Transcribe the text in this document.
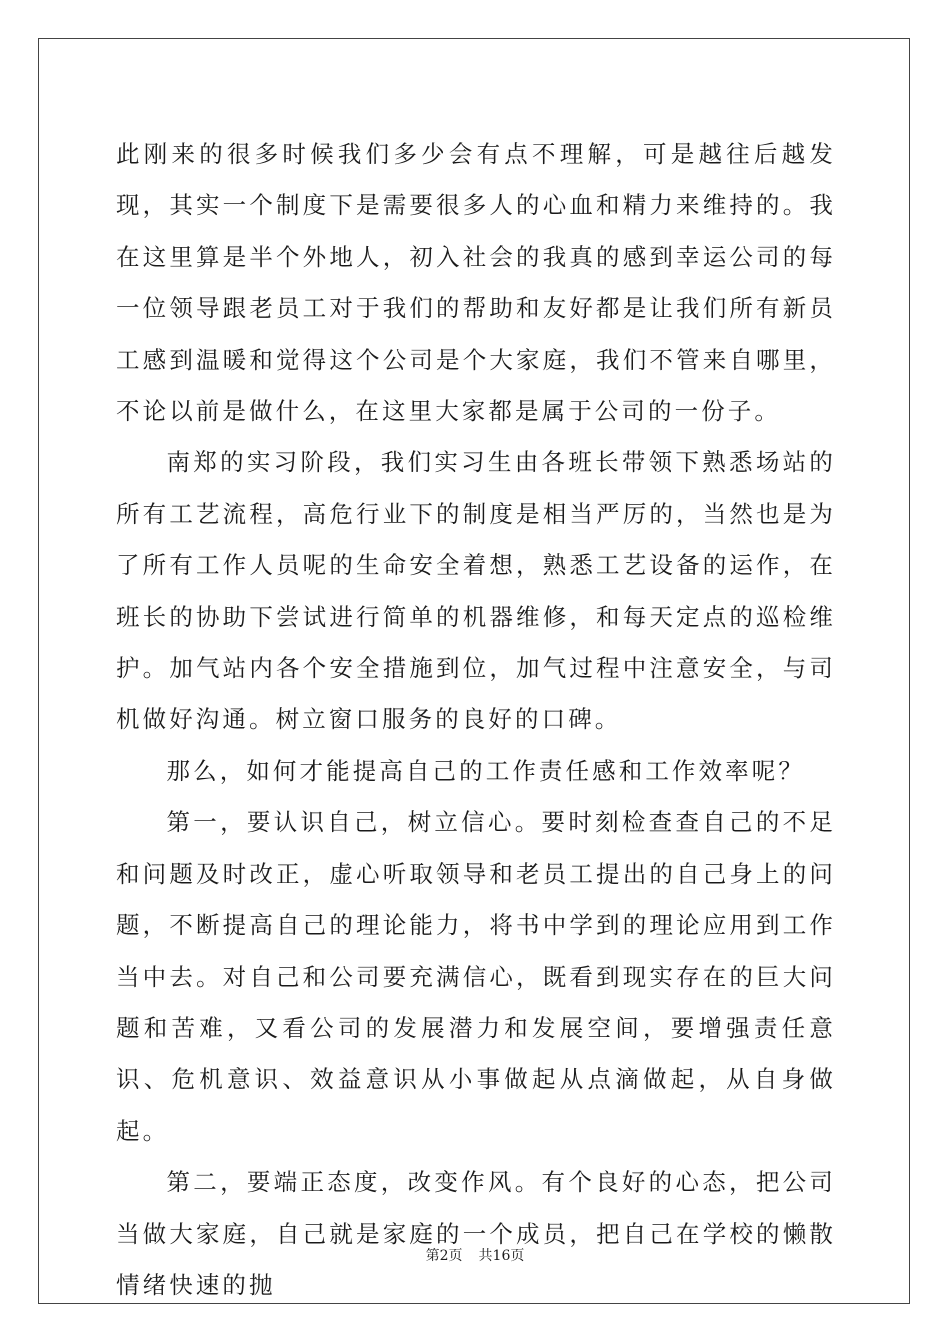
此刚来的很多时候我们多少会有点不理解，可是越往后越发现，其实一个制度下是需要很多人的心血和精力来维持的。我在这里算是半个外地人，初入社会的我真的感到幸运公司的每一位领导跟老员工对于我们的帮助和友好都是让我们所有新员工感到温暖和觉得这个公司是个大家庭，我们不管来自哪里，不论以前是做什么，在这里大家都是属于公司的一份子。

南郑的实习阶段，我们实习生由各班长带领下熟悉场站的所有工艺流程，高危行业下的制度是相当严厉的，当然也是为了所有工作人员呢的生命安全着想，熟悉工艺设备的运作，在班长的协助下尝试进行简单的机器维修，和每天定点的巡检维护。加气站内各个安全措施到位，加气过程中注意安全，与司机做好沟通。树立窗口服务的良好的口碑。

那么，如何才能提高自己的工作责任感和工作效率呢？

第一，要认识自己，树立信心。要时刻检查查自己的不足和问题及时改正，虚心听取领导和老员工提出的自己身上的问题，不断提高自己的理论能力，将书中学到的理论应用到工作当中去。对自己和公司要充满信心，既看到现实存在的巨大问题和苦难，又看公司的发展潜力和发展空间，要增强责任意识、危机意识、效益意识从小事做起从点滴做起，从自身做起。

第二，要端正态度，改变作风。有个良好的心态，把公司当做大家庭，自己就是家庭的一个成员，把自己在学校的懒散情绪快速的抛

第2页 共16页
